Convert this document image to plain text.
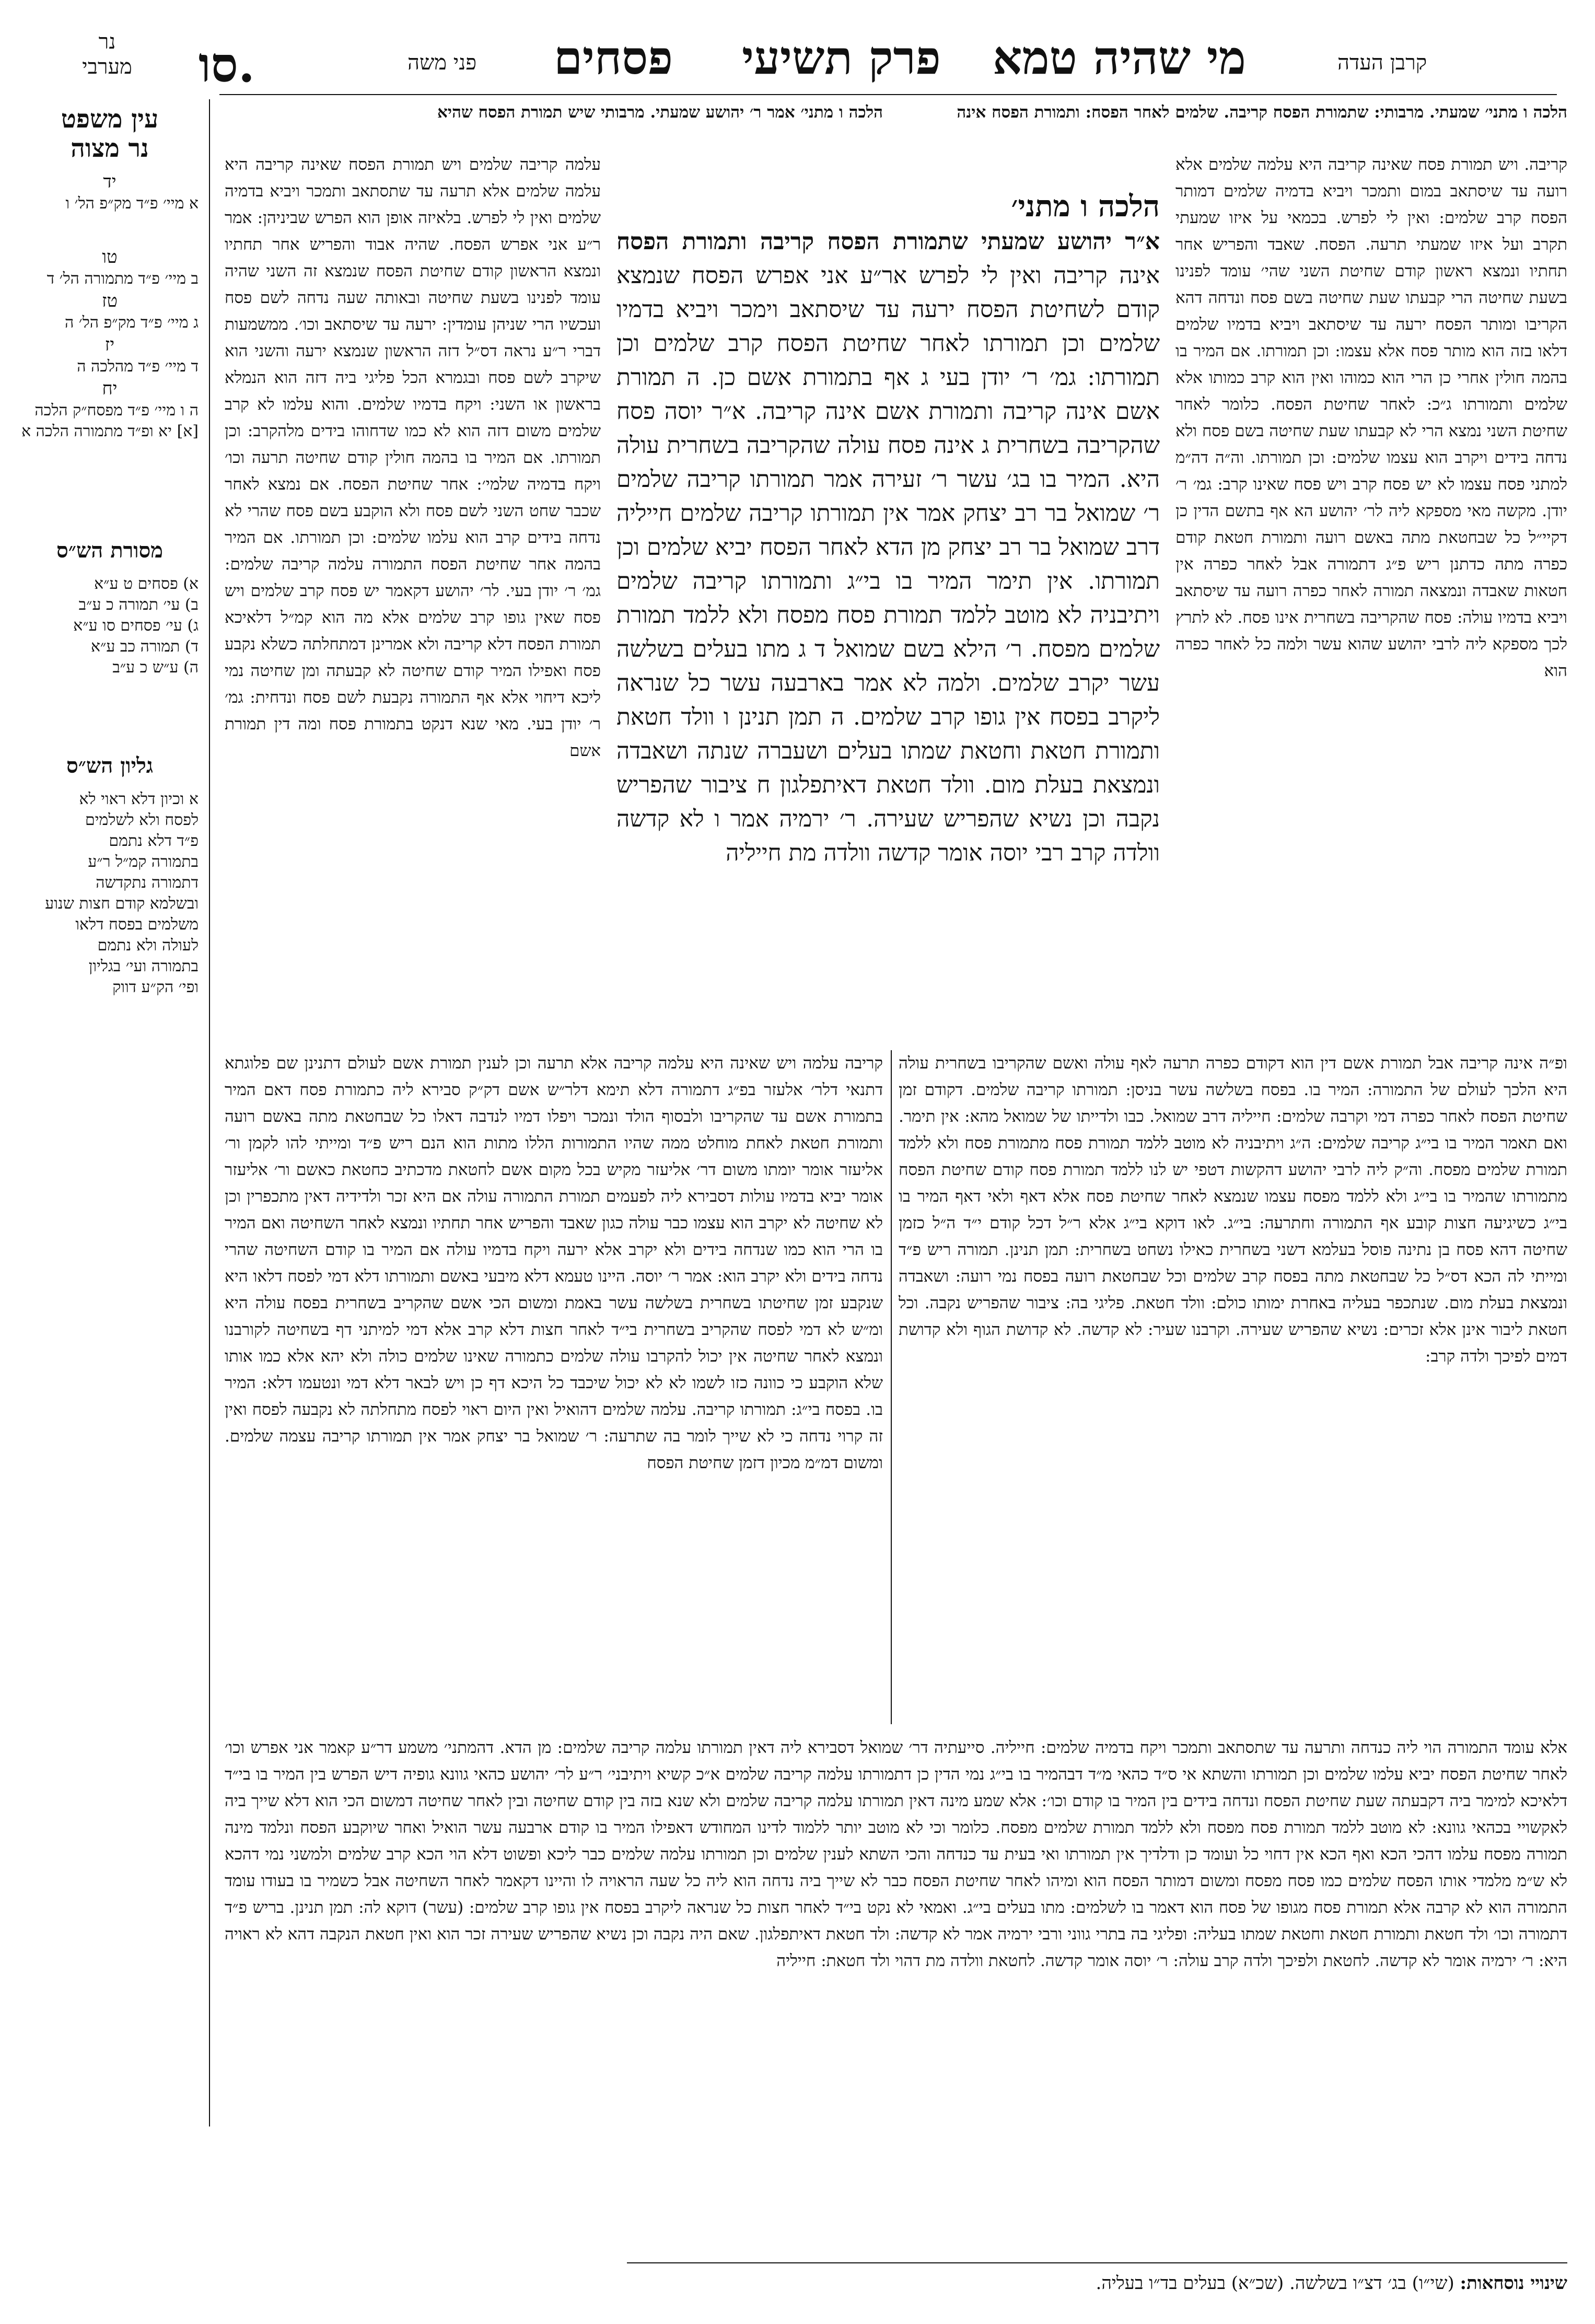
סו.	פני משה פסחים פרק תשיעי מי שהיה טמא	קרבן העדה
נר
מערבי
עין משפט
נר מצוה
יד
א מיי׳ פ״ד מק״פ הל׳ ו
טו
ב מיי׳ פ״ד מתמורה הל׳ ד
טז
ג מיי׳ פ״ד מק״פ הל׳ ה
יז
ד מיי׳ פ״ד מהלכה ה
יח
ה ו מיי׳ פ״ד מפסח״ק הלכה [א] יא ופ״ד מתמורה הלכה א
מסורת הש״ס
א) פסחים ט ע״א
ב) עי׳ תמורה כ ע״ב
ג) עי׳ פסחים סו ע״א
ד) תמורה כב ע״א
ה) ע״ש כ ע״ב
גליון הש״ס
א וכיון דלא ראוי לא
לפסח ולא לשלמים
פ״ד דלא נתמם
בתמורה קמ״ל ר״ע
דתמורה נתקדשה
ובשלמא קודם חצות שנוע
משלמים בפסח דלאו
לעולה ולא נתמם
בתמורה ועי׳ בגליון
ופי׳ הק״ע דווק
הלכה ו מתני׳ שמעתי. מרבותי: שתמורת הפסח קריבה. שלמים לאחר הפסח: ותמורת הפסח אינה
הלכה ו מתני׳ אמר ר׳ יהושע שמעתי. מרבותי שיש תמורת הפסח שהיא
קריבה. ויש תמורת פסח שאינה קריבה היא עלמה שלמים אלא רועה עד שיסתאב במום ותמכר ויביא בדמיה שלמים דמותר הפסח קרב שלמים: ואין לי לפרש. בכמאי על איזו שמעתי תקרב ועל איזו שמעתי תרעה. הפסח. שאבד והפריש אחר תחתיו ונמצא ראשון קודם שחיטת השני שהי׳ עומד לפנינו בשעת שחיטה הרי קבעתו שעת שחיטה בשם פסח ונדחה דהא הקריבו ומותר הפסח ירעה עד שיסתאב ויביא בדמיו שלמים דלאו בזה הוא מותר פסח אלא עצמו: וכן תמורתו. אם המיר בו בהמה חולין אחרי כן הרי הוא כמוהו ואין הוא קרב כמותו אלא שלמים ותמורתו ג״כ: לאחר שחיטת הפסח. כלומר לאחר שחיטת השני נמצא הרי לא קבעתו שעת שחיטה בשם פסח ולא נדחה בידים ויקרב הוא עצמו שלמים: וכן תמורתו. וה״ה דה״מ למתני פסח עצמו לא יש פסח קרב ויש פסח שאינו קרב: גמ׳ ר׳ יודן. מקשה מאי מספקא ליה לר׳ יהושע הא אף בתשם הדין כן דקיי״ל כל שבחטאת מתה באשם רועה ותמורת חטאת קודם כפרה מתה כדתנן ריש פ״ג דתמורה אבל לאחר כפרה אין חטאות שאבדה ונמצאה תמורה לאחר כפרה רועה עד שיסתאב ויביא בדמיו עולה: פסח שהקריבה בשחרית אינו פסח. לא לתרץ לכך מספקא ליה לרבי יהושע שהוא עשר ולמה כל לאחר כפרה הוא
עלמה קריבה שלמים ויש תמורת הפסח שאינה קריבה היא עלמה שלמים אלא תרעה עד שתסתאב ותמכר ויביא בדמיה שלמים ואין לי לפרש. בלאיזה אופן הוא הפרש שביניהן: אמר ר״ע אני אפרש הפסח. שהיה אבוד והפריש אחר תחתיו ונמצא הראשון קודם שחיטת הפסח שנמצא זה השני שהיה עומד לפנינו בשעת שחיטה ובאותה שעה נדחה לשם פסח ועכשיו הרי שניהן עומדין: ירעה עד שיסתאב וכו׳. ממשמעות דברי ר״ע נראה דס״ל דזה הראשון שנמצא ירעה והשני הוא שיקרב לשם פסח ובגמרא הכל פליגי ביה דזה הוא הנמלא בראשון או השני: ויקח בדמיו שלמים. והוא עלמו לא קרב שלמים משום דזה הוא לא כמו שדחוהו בידים מלהקרב: וכן תמורתו. אם המיר בו בהמה חולין קודם שחיטה תרעה וכו׳ ויקח בדמיה שלמי׳: אחר שחיטת הפסח. אם נמצא לאחר שכבר שחט השני לשם פסח ולא הוקבע בשם פסח שהרי לא נדחה בידים קרב הוא עלמו שלמים: וכן תמורתו. אם המיר בהמה אחר שחיטת הפסח התמורה עלמה קריבה שלמים: גמ׳ ר׳ יודן בעי. לר׳ יהושע דקאמר יש פסח קרב שלמים ויש פסח שאין גופו קרב שלמים אלא מה הוא קמ״ל דלאיכא תמורת הפסח דלא קריבה ולא אמרינן דמתחלתה כשלא נקבע פסח ואפילו המיר קודם שחיטה לא קבעתה ומן שחיטה נמי ליכא דיחוי אלא אף התמורה נקבעת לשם פסח ונדחית: גמ׳ ר׳ יודן בעי. מאי שנא דנקט בתמורת פסח ומה דין תמורת אשם
הלכה ו מתני׳
א״ר יהושע שמעתי שתמורת הפסח קריבה ותמורת הפסח אינה קריבה ואין לי לפרש אר״ע אני אפרש הפסח שנמצא קודם לשחיטת הפסח ירעה עד שיסתאב וימכר ויביא בדמיו שלמים וכן תמורתו לאחר שחיטת הפסח קרב שלמים וכן תמורתו: גמ׳ ר׳ יודן בעי ג אף בתמורת אשם כן. ה תמורת אשם אינה קריבה ותמורת אשם אינה קריבה. א״ר יוסה פסח שהקריבה בשחרית ג אינה פסח עולה שהקריבה בשחרית עולה היא. המיר בו בג׳ עשר ר׳ זעירה אמר תמורתו קריבה שלמים ר׳ שמואל בר רב יצחק אמר אין תמורתו קריבה שלמים חייליה דרב שמואל בר רב יצחק מן הדא לאחר הפסח יביא שלמים וכן תמורתו. אין תימר המיר בו בי״ג ותמורתו קריבה שלמים ויתיבניה לא מוטב ללמד תמורת פסח מפסח ולא ללמד תמורת שלמים מפסח. ר׳ הילא בשם שמואל ד ג מתו בעלים בשלשה עשר יקרב שלמים. ולמה לא אמר בארבעה עשר כל שנראה ליקרב בפסח אין גופו קרב שלמים. ה תמן תנינן ו וולד חטאת ותמורת חטאת וחטאת שמתו בעלים ושעברה שנתה ושאבדה ונמצאת בעלת מום. וולד חטאת דאיתפלגון ח ציבור שהפריש נקבה וכן נשיא שהפריש שעירה. ר׳ ירמיה אמר ו לא קדשה וולדה קרב רבי יוסה אומר קדשה וולדה מת חייליה
ופ״ה אינה קריבה אבל תמורת אשם דין הוא דקודם כפרה תרעה לאף עולה ואשם שהקריבו בשחרית עולה היא הלכך לעולם של התמורה: המיר בו. בפסח בשלשה עשר בניסן: תמורתו קריבה שלמים. דקודם זמן שחיטת הפסח לאחר כפרה דמי וקרבה שלמים: חייליה דרב שמואל. כבו ולדייתו של שמואל מהא: אין תימר. ואם תאמר המיר בו בי״ג קריבה שלמים: ה״ג ויתיבניה לא מוטב ללמד תמורת פסח מתמורת פסח ולא ללמד תמורת שלמים מפסח. וה״ק ליה לרבי יהושע דהקשות דטפי יש לנו ללמד תמורת פסח קודם שחיטת הפסח מתמורתו שהמיר בו בי״ג ולא ללמד מפסח עצמו שנמצא לאחר שחיטת פסח אלא דאף ולאי דאף המיר בו בי״ג כשיגיעה חצות קובע אף התמורה וחתרעה: בי״ג. לאו דוקא בי״ג אלא ר״ל דכל קודם י״ד ה״ל כזמן שחיטה דהא פסח בן נתינה פוסל בעלמא דשני בשחרית כאילו נשחט בשחרית: תמן תנינן. תמורה ריש פ״ד ומייתי לה הכא דס״ל כל שבחטאת מתה בפסח קרב שלמים וכל שבחטאת רועה בפסח נמי רועה: ושאבדה ונמצאת בעלת מום. שנתכפר בעליה באחרת ימותו כולם: וולד חטאת. פליגי בה: ציבור שהפריש נקבה. וכל חטאת ליבור אינן אלא זכרים: נשיא שהפריש שעירה. וקרבנו שעיר: לא קדשה. לא קדושת הגוף ולא קדושת דמים לפיכך ולדה קרב:
קריבה עלמה ויש שאינה היא עלמה קריבה אלא תרעה וכן לענין תמורת אשם לעולם דתנינן שם פלוגתא דתנאי דלר׳ אלעזר בפ״ג דתמורה דלא תימא דלר״ש אשם דק״ק סבירא ליה כתמורת פסח דאם המיר בתמורת אשם עד שהקריבו ולבסוף הולד ונמכר ויפלו דמיו לנדבה דאלו כל שבחטאת מתה באשם רועה ותמורת חטאת לאחת מוחלט ממה שהיו התמורות הללו מתות הוא הנם ריש פ״ד ומייתי להו לקמן ור׳ אליעזר אומר יומתו משום דר׳ אליעזר מקיש בכל מקום אשם לחטאת מדכתיב כחטאת כאשם ור׳ אליעזר אומר יביא בדמיו עולות דסבירא ליה לפעמים תמורת התמורה עולה אם היא זכר ולדידיה דאין מתכפרין וכן לא שחיטה לא יקרב הוא עצמו כבר עולה כגון שאבד והפריש אחר תחתיו ונמצא לאחר השחיטה ואם המיר בו הרי הוא כמו שנדחה בידים ולא יקרב אלא ירעה ויקח בדמיו עולה אם המיר בו קודם השחיטה שהרי נדחה בידים ולא יקרב הוא: אמר ר׳ יוסה. היינו טעמא דלא מיבעי באשם ותמורתו דלא דמי לפסח דלאו היא שנקבע זמן שחיטתו בשחרית בשלשה עשר באמת ומשום הכי אשם שהקריב בשחרית בפסח עולה היא ומ״ש לא דמי לפסח שהקריב בשחרית בי״ד לאחר חצות דלא קרב אלא דמי למיתני דף בשחיטה לקורבנו ונמצא לאחר שחיטה אין יכול להקרבו עולה שלמים כתמורה שאינו שלמים כולה ולא יהא אלא כמו אותו שלא הוקבע כי כוונה כזו לשמו לא לא יכול שיכבד כל היכא דף כן ויש לבאר דלא דמי ונטעמו דלא: המיר בו. בפסח בי״ג: תמורתו קריבה. עלמה שלמים דהואיל ואין היום ראוי לפסח מתחלתה לא נקבעה לפסח ואין זה קרוי נדחה כי לא שייך לומר בה שתרעה: ר׳ שמואל בר יצחק אמר אין תמורתו קריבה עצמה שלמים. ומשום דמ״מ מכיון דזמן שחיטת הפסח
אלא עומד התמורה הוי ליה כנדחה ותרעה עד שתסתאב ותמכר ויקח בדמיה שלמים: חייליה. סייעתיה דר׳ שמואל דסבירא ליה דאין תמורתו עלמה קריבה שלמים: מן הדא. דהמתני׳ משמע דר״ע קאמר אני אפרש וכו׳ לאחר שחיטת הפסח יביא עלמו שלמים וכן תמורתו והשתא אי ס״ד כהאי מ״ד דבהמיר בו בי״ג נמי הדין כן דתמורתו עלמה קריבה שלמים א״כ קשיא ויתיבני׳ ר״ע לר׳ יהושע כהאי גוונא גופיה דיש הפרש בין המיר בו בי״ד דלאיכא למימר ביה דקבעתה שעת שחיטת הפסח ונדחה בידים בין המיר בו קודם וכו׳: אלא שמע מינה דאין תמורתו עלמה קריבה שלמים ולא שנא בזה בין קודם שחיטה ובין לאחר שחיטה דמשום הכי הוא דלא שייך ביה לאקשויי בכהאי גוונא: לא מוטב ללמד תמורת פסח מפסח ולא ללמד תמורת שלמים מפסח. כלומר וכי לא מוטב יותר ללמוד לדינו המחודש דאפילו המיר בו קודם ארבעה עשר הואיל ואחר שיוקבע הפסח ונלמד מינה תמורה מפסח עלמו דהכי הכא ואף הכא אין דחוי כל ועומד כן ודלדיך אין תמורתו ואי בעית עד כנדחה והכי השתא לענין שלמים וכן תמורתו עלמה שלמים כבר ליכא ופשוט דלא הוי הכא קרב שלמים ולמשני נמי דהכא לא ש״מ מלמדי אותו הפסח שלמים כמו פסח מפסח ומשום דמותר הפסח הוא ומיהו לאחר שחיטת הפסח כבר לא שייך ביה נדחה הוא ליה כל שעה הראויה לו והיינו דקאמר לאחר השחיטה אבל כשמיר בו בעודו עומד התמורה הוא לא קרבה אלא תמורת פסח מגופו של פסח הוא דאמר בו לשלמים: מתו בעלים בי״ג. ואמאי לא נקט בי״ד לאחר חצות כל שנראה ליקרב בפסח אין גופו קרב שלמים: (עשר) דוקא לה: תמן תנינן. בריש פ״ד דתמורה וכו׳ ולד חטאת ותמורת חטאת וחטאת שמתו בעליה: ופליגי בה בתרי גווני ורבי ירמיה אמר לא קדשה: ולד חטאת דאיתפלגון. שאם היה נקבה וכן נשיא שהפריש שעירה זכר הוא ואין חטאת הנקבה דהא לא ראויה היא: ר׳ ירמיה אומר לא קדשה. לחטאת ולפיכך ולדה קרב עולה: ר׳ יוסה אומר קדשה. לחטאת וולדה מת דהוי ולד חטאת: חייליה
שינויי נוסחאות: (שי״ו) בג׳ דצ״ו בשלשה. (שכ״א) בעלים בד״ו בעליה.
